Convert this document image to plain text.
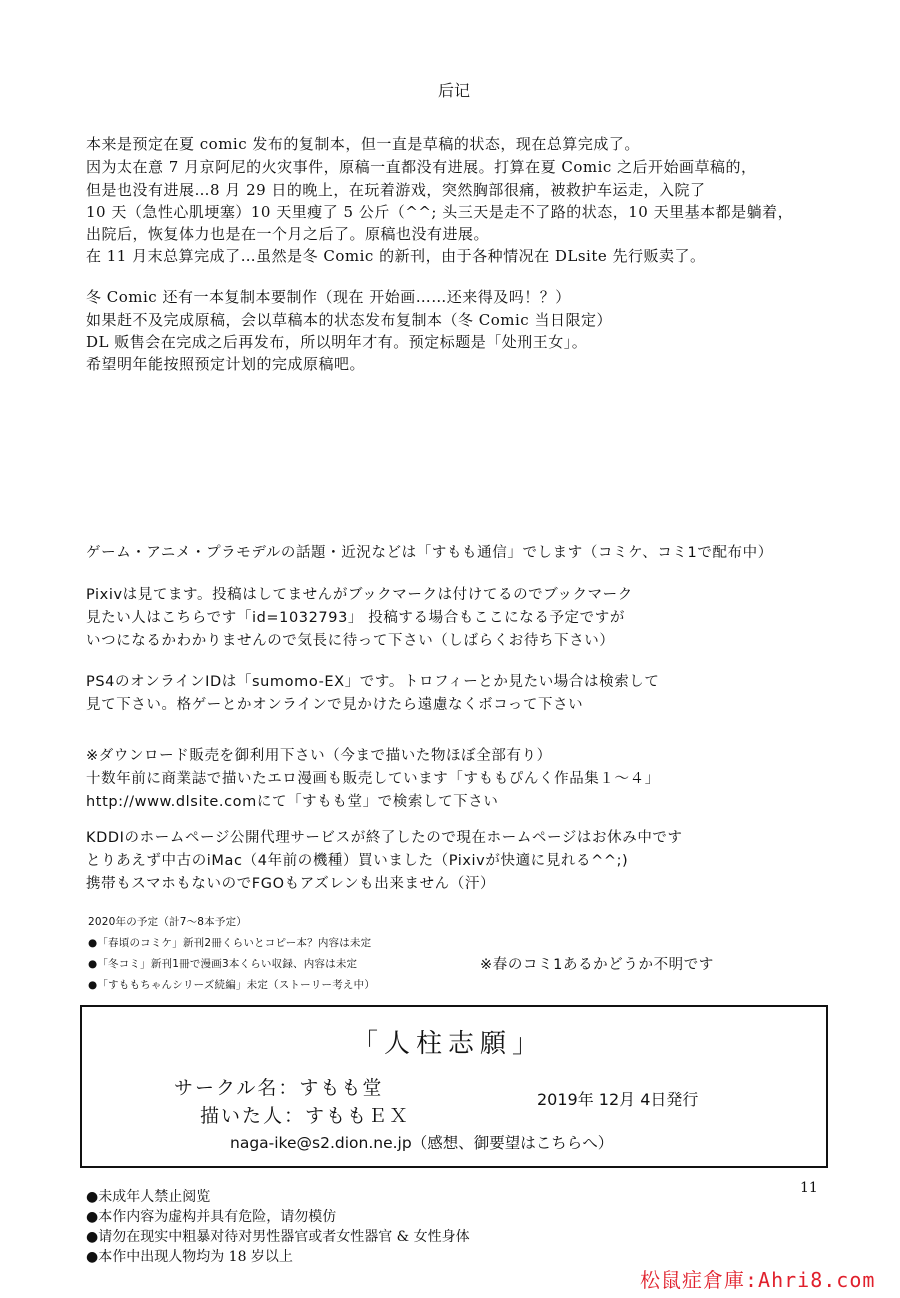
后记
本来是预定在夏 comic 发布的复制本，但一直是草稿的状态，现在总算完成了。
因为太在意 7 月京阿尼的火灾事件，原稿一直都没有进展。打算在夏 Comic 之后开始画草稿的，
但是也没有进展…8 月 29 日的晚上，在玩着游戏，突然胸部很痛，被救护车运走，入院了
10 天（急性心肌埂塞）10 天里瘦了 5 公斤（^^; 头三天是走不了路的状态，10 天里基本都是躺着，
出院后，恢复体力也是在一个月之后了。原稿也没有进展。
在 11 月末总算完成了…虽然是冬 Comic 的新刊，由于各种情况在 DLsite 先行贩卖了。
冬 Comic 还有一本复制本要制作（现在 开始画……还来得及吗！？）
如果赶不及完成原稿，会以草稿本的状态发布复制本（冬 Comic 当日限定）
DL 贩售会在完成之后再发布，所以明年才有。预定标题是「处刑王女」。
希望明年能按照预定计划的完成原稿吧。
ゲーム・アニメ・プラモデルの話題・近況などは「すもも通信」でします（コミケ、コミ1で配布中）
Pixivは見てます。投稿はしてませんがブックマークは付けてるのでブックマーク
見たい人はこちらです「id=1032793」 投稿する場合もここになる予定ですが
いつになるかわかりませんので気長に待って下さい（しばらくお待ち下さい）
PS4のオンラインIDは「sumomo-EX」です。トロフィーとか見たい場合は検索して
見て下さい。格ゲーとかオンラインで見かけたら遠慮なくボコって下さい
※ダウンロード販売を御利用下さい（今まで描いた物ほぼ全部有り）
十数年前に商業誌で描いたエロ漫画も販売しています「すももぴんく作品集１～４」
http://www.dlsite.comにて「すもも堂」で検索して下さい
KDDIのホームページ公開代理サービスが終了したので現在ホームページはお休み中です
とりあえず中古のiMac（4年前の機種）買いました（Pixivが快適に見れる^^;)
携帯もスマホもないのでFGOもアズレンも出来ません（汗）
2020年の予定（計7～8本予定）
●「春頃のコミケ」新刊2冊くらいとコピー本？内容は未定
●「冬コミ」新刊1冊で漫画3本くらい収録、内容は未定
●「すももちゃんシリーズ続編」未定（ストーリー考え中）
※春のコミ1あるかどうか不明です
「人柱志願」
サークル名：すもも堂
描いた人：すももＥＸ
2019年 12月 4日発行
naga-ike@s2.dion.ne.jp（感想、御要望はこちらへ）
11
●未成年人禁止阅览
●本作内容为虚构并具有危险，请勿模仿
●请勿在现实中粗暴对待对男性器官或者女性器官 & 女性身体
●本作中出现人物均为 18 岁以上
松鼠症倉庫:Ahri8.com
